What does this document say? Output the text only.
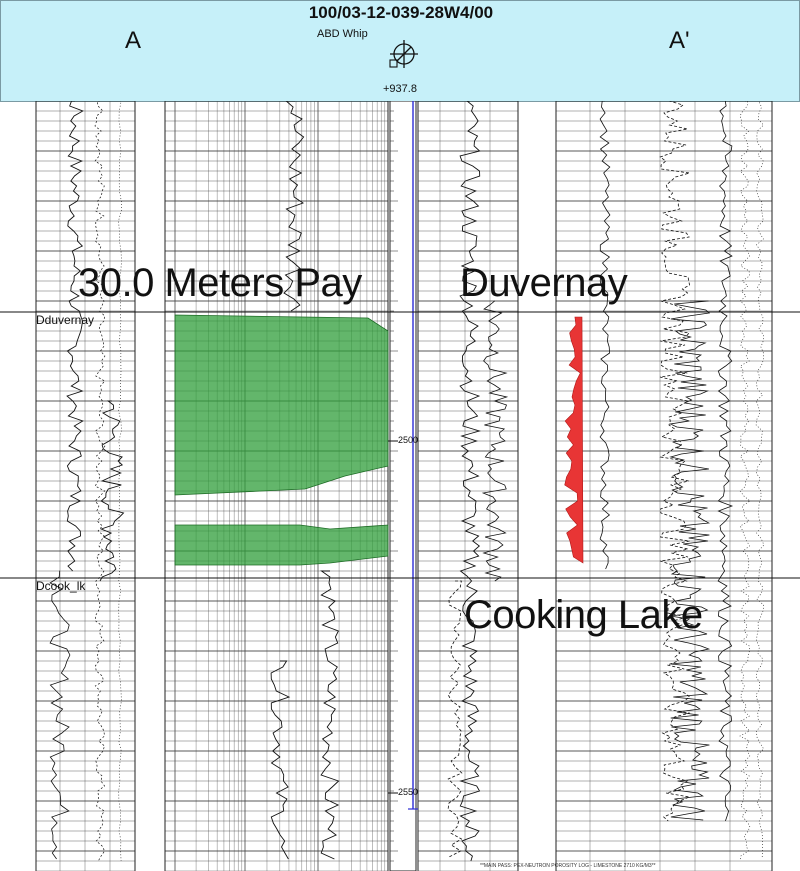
100/03-12-039-28W4/00
A	A'
ABD Whip
+937.8
30.0 Meters Pay Duvernay
Cooking Lake
Dduvernay
Dcook_lk
2500
2550
**MAIN PASS: PEX-NEUTRON POROSITY LOG - LIMESTONE 2710 KG/M3**
